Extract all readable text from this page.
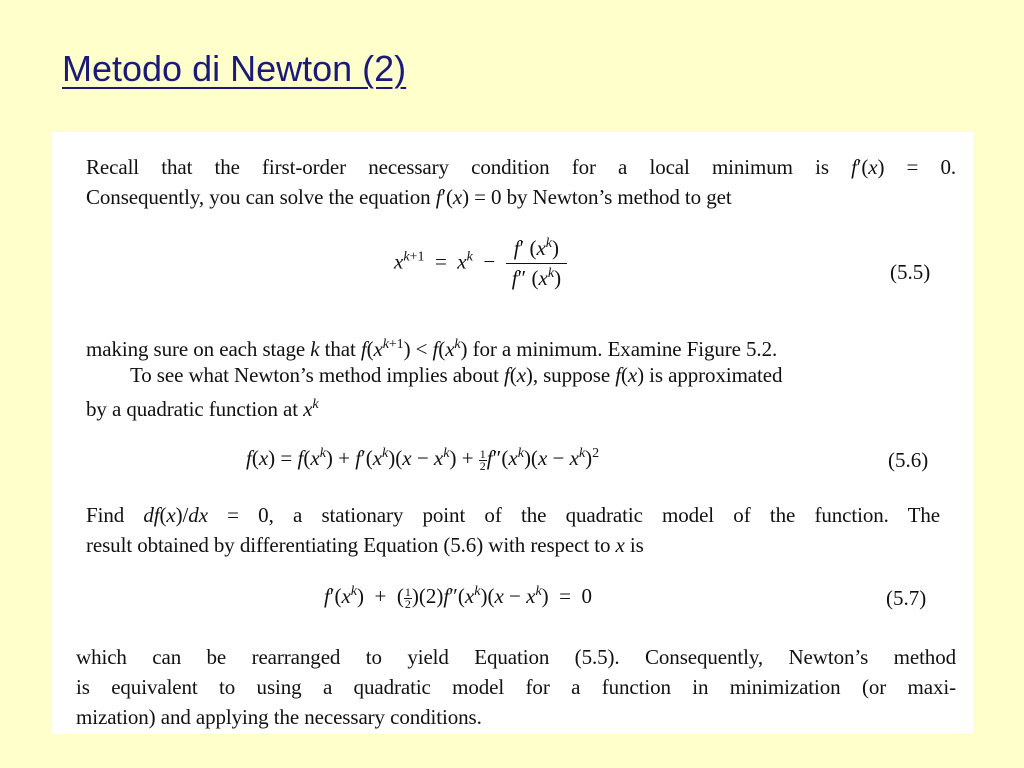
Metodo di Newton (2)

Recall that the first-order necessary condition for a local minimum is f′(x) = 0.

Consequently, you can solve the equation f′(x) = 0 by Newton’s method to get

$x^{k+1} = x^k - \frac{f' (x^k)}{f'' (x^k)}$	(5.5)

making sure on each stage k that $f(x^{k+1}) < f(x^k)$ for a minimum. Examine Figure 5.2.

To see what Newton’s method implies about f(x), suppose f(x) is approximated

by a quadratic function at $x^k$

$f(x) = f(x^k) + f'(x^k)(x - x^k) + \frac{1}{2} f''(x^k)(x - x^k)^2$	(5.6)

Find df(x)/dx = 0, a stationary point of the quadratic model of the function. The

result obtained by differentiating Equation (5.6) with respect to x is

$f'(x^k)$  +  ( $\frac{1}{2} )(2)f''(x^k)(x - x^k) = 0$	(5.7)

which can be rearranged to yield Equation (5.5). Consequently, Newton’s method

is equivalent to using a quadratic model for a function in minimization (or maxi-

mization) and applying the necessary conditions.
